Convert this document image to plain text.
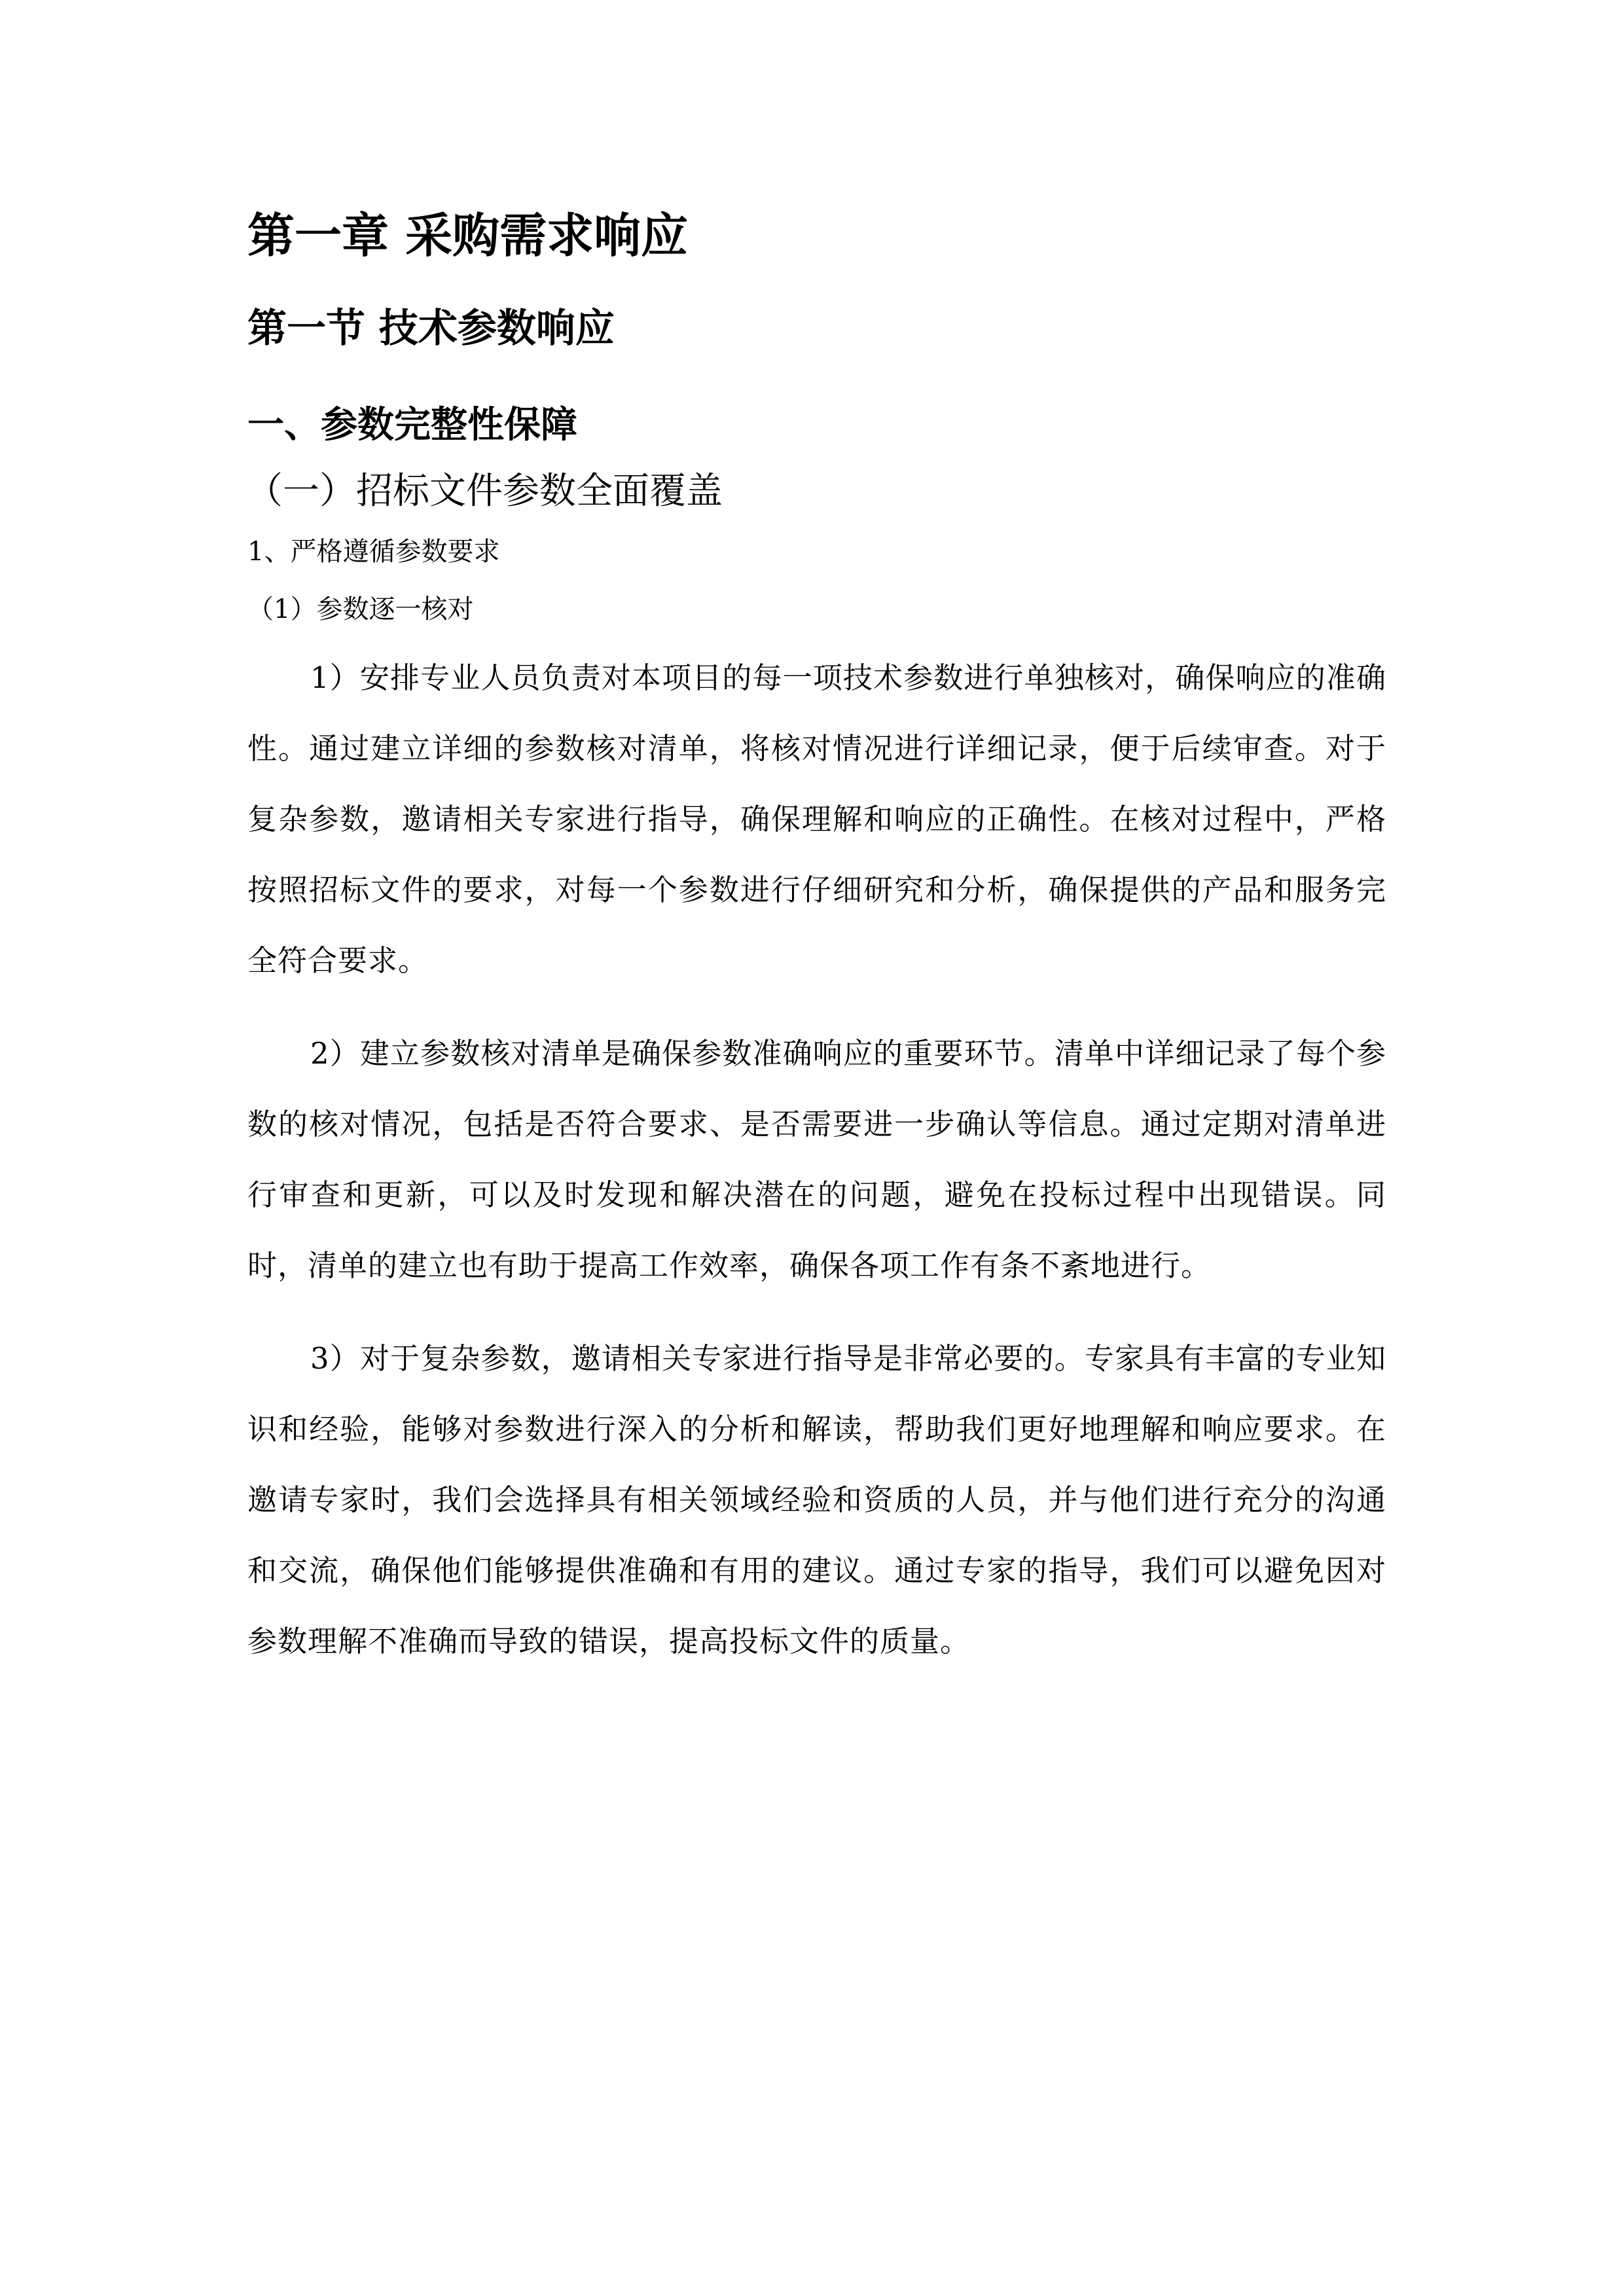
第一章 采购需求响应
第一节 技术参数响应
一、参数完整性保障
（一）招标文件参数全面覆盖
1、严格遵循参数要求
（1）参数逐一核对

1）安排专业人员负责对本项目的每一项技术参数进行单独核对，确保响应的准确性。通过建立详细的参数核对清单，将核对情况进行详细记录，便于后续审查。对于复杂参数，邀请相关专家进行指导，确保理解和响应的正确性。在核对过程中，严格按照招标文件的要求，对每一个参数进行仔细研究和分析，确保提供的产品和服务完全符合要求。

2）建立参数核对清单是确保参数准确响应的重要环节。清单中详细记录了每个参数的核对情况，包括是否符合要求、是否需要进一步确认等信息。通过定期对清单进行审查和更新，可以及时发现和解决潜在的问题，避免在投标过程中出现错误。同时，清单的建立也有助于提高工作效率，确保各项工作有条不紊地进行。

3）对于复杂参数，邀请相关专家进行指导是非常必要的。专家具有丰富的专业知识和经验，能够对参数进行深入的分析和解读，帮助我们更好地理解和响应要求。在邀请专家时，我们会选择具有相关领域经验和资质的人员，并与他们进行充分的沟通和交流，确保他们能够提供准确和有用的建议。通过专家的指导，我们可以避免因对参数理解不准确而导致的错误，提高投标文件的质量。
